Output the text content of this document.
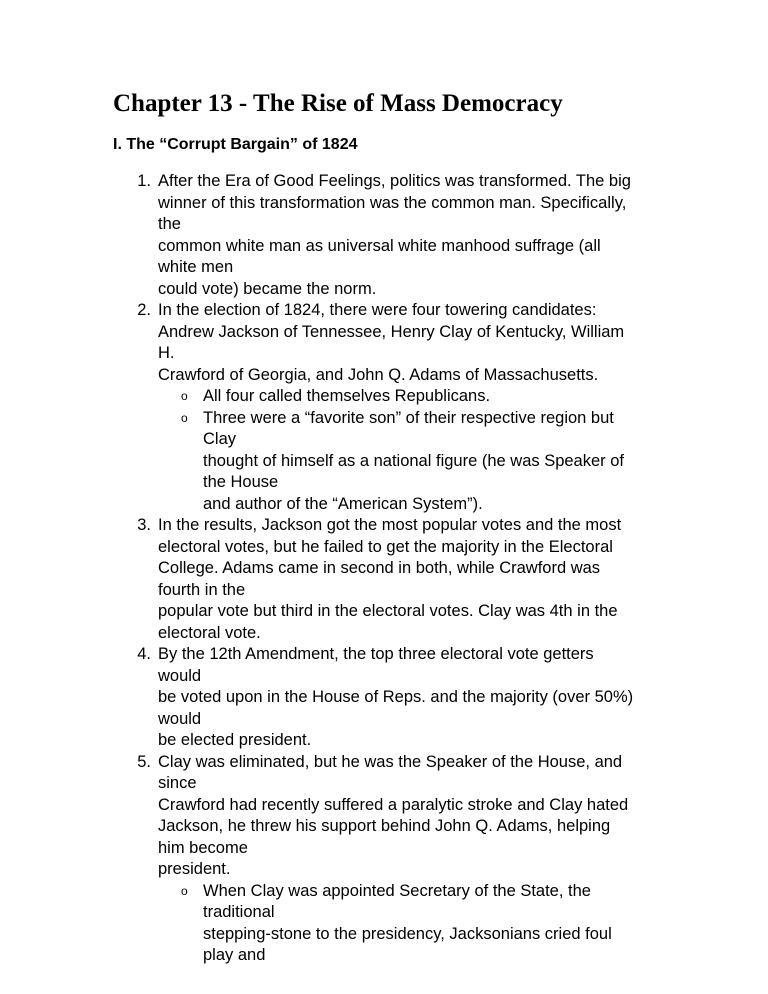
Chapter 13 - The Rise of Mass Democracy
I. The “Corrupt Bargain” of 1824
1. After the Era of Good Feelings, politics was transformed. The big
winner of this transformation was the common man. Specifically,
the
common white man as universal white manhood suffrage (all
white men
could vote) became the norm.
2. In the election of 1824, there were four towering candidates:
Andrew Jackson of Tennessee, Henry Clay of Kentucky, William
H.
Crawford of Georgia, and John Q. Adams of Massachusetts.
o All four called themselves Republicans.
o Three were a “favorite son” of their respective region but
Clay
thought of himself as a national figure (he was Speaker of
the House
and author of the “American System”).
3. In the results, Jackson got the most popular votes and the most
electoral votes, but he failed to get the majority in the Electoral
College. Adams came in second in both, while Crawford was
fourth in the
popular vote but third in the electoral votes. Clay was 4th in the
electoral vote.
4. By the 12th Amendment, the top three electoral vote getters
would
be voted upon in the House of Reps. and the majority (over 50%)
would
be elected president.
5. Clay was eliminated, but he was the Speaker of the House, and
since
Crawford had recently suffered a paralytic stroke and Clay hated
Jackson, he threw his support behind John Q. Adams, helping
him become
president.
o When Clay was appointed Secretary of the State, the
traditional
stepping-stone to the presidency, Jacksonians cried foul
play and
